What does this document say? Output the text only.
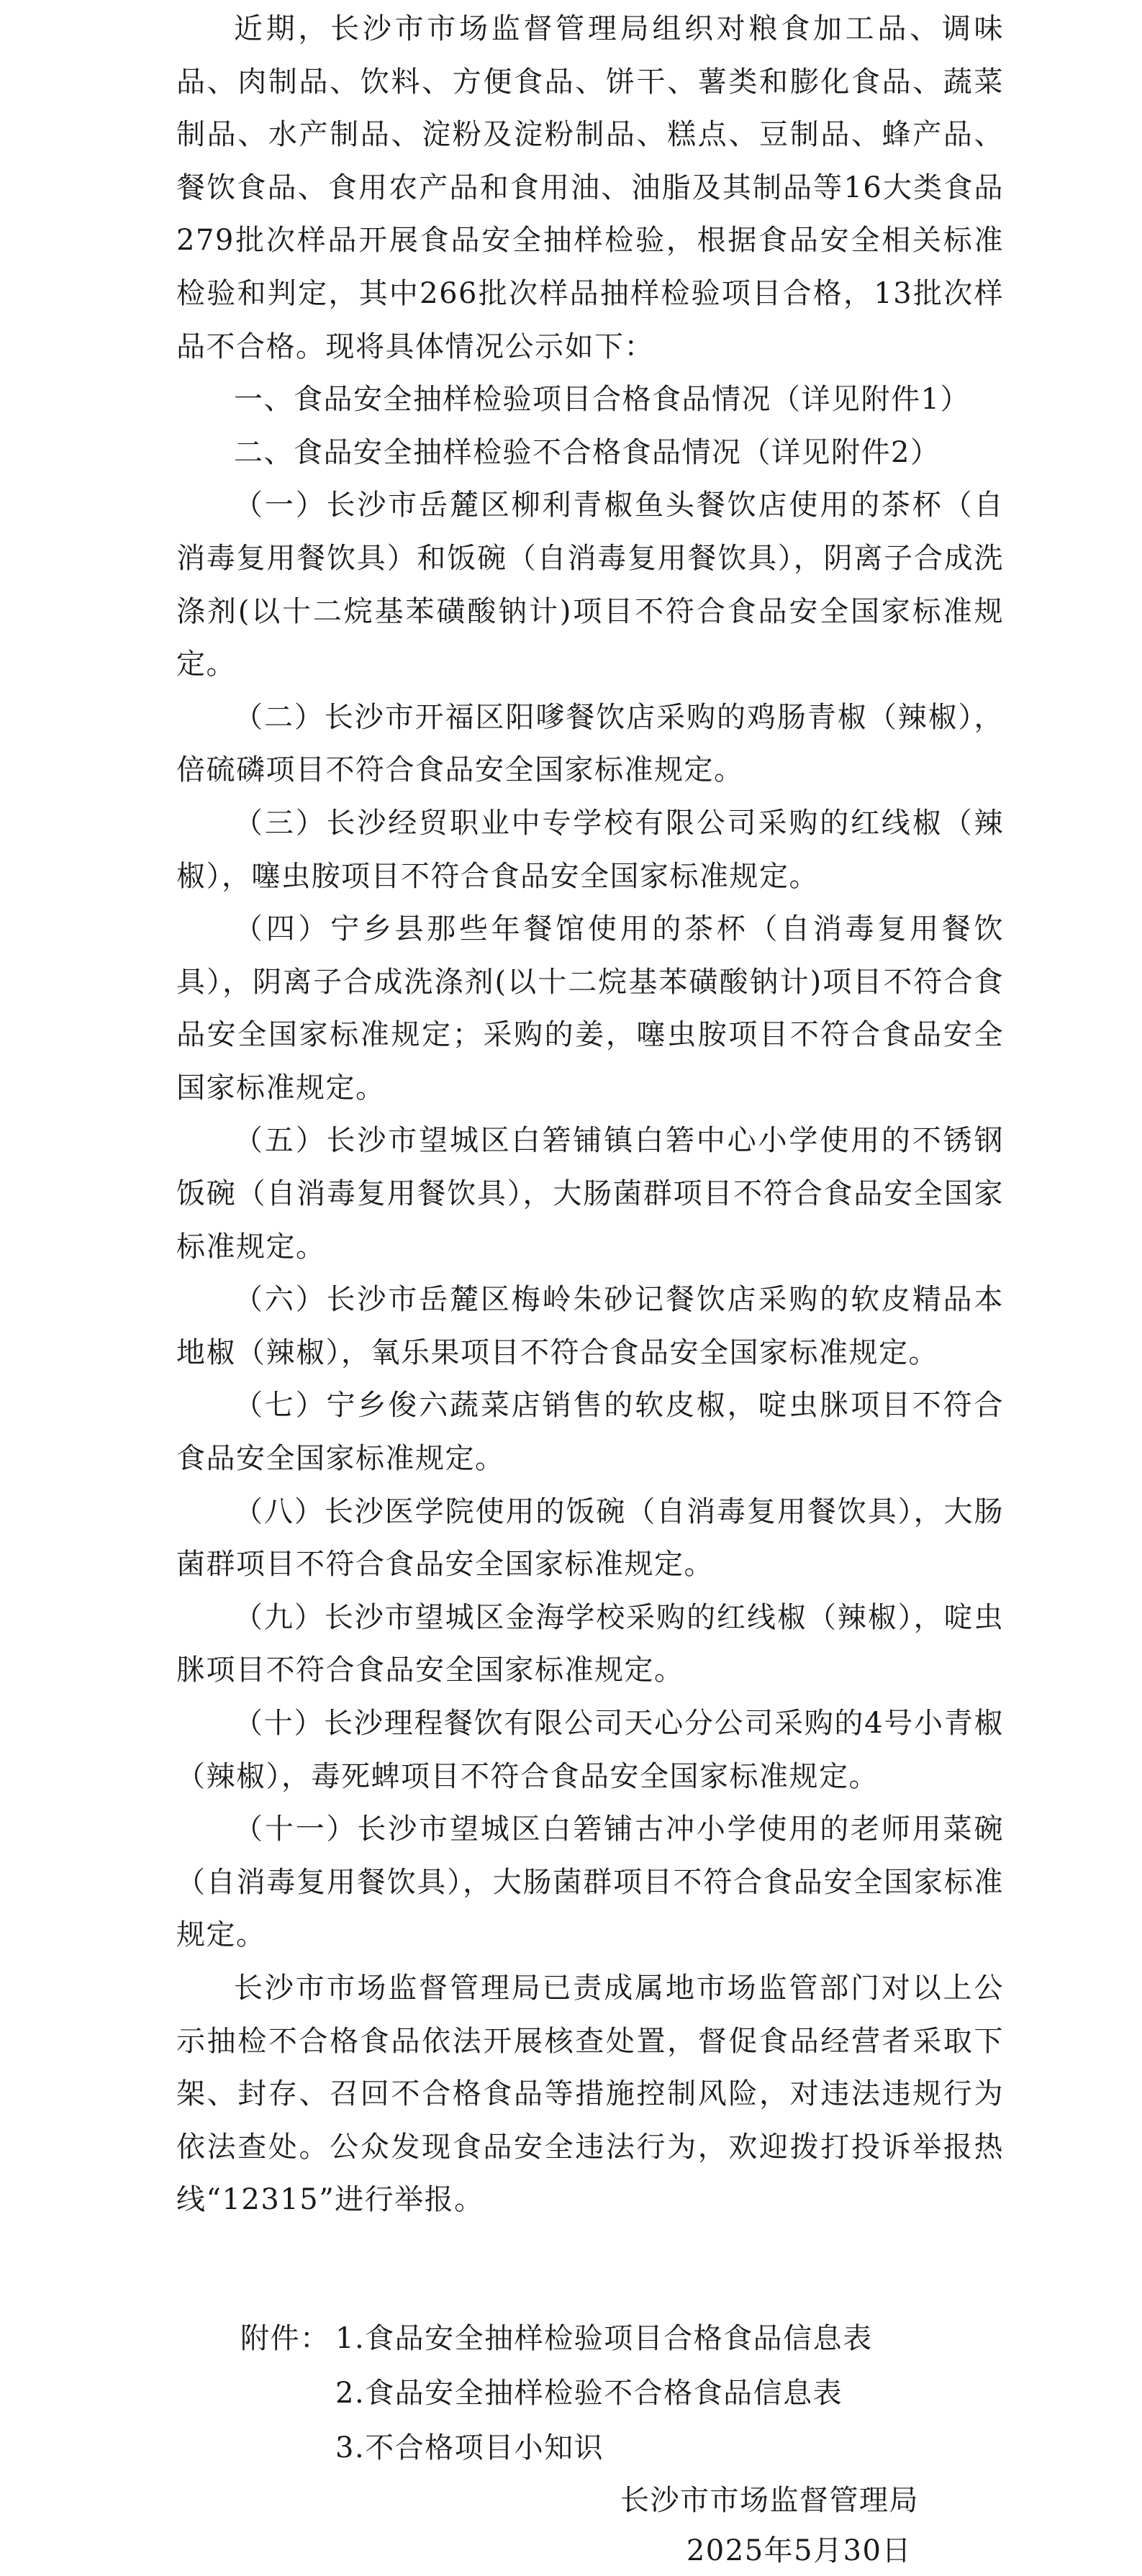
近期，长沙市市场监督管理局组织对粮食加工品、调味品、肉制品、饮料、方便食品、饼干、薯类和膨化食品、蔬菜制品、水产制品、淀粉及淀粉制品、糕点、豆制品、蜂产品、餐饮食品、食用农产品和食用油、油脂及其制品等16大类食品279批次样品开展食品安全抽样检验，根据食品安全相关标准检验和判定，其中266批次样品抽样检验项目合格，13批次样品不合格。现将具体情况公示如下：

一、食品安全抽样检验项目合格食品情况（详见附件1）

二、食品安全抽样检验不合格食品情况（详见附件2）

（一）长沙市岳麓区柳利青椒鱼头餐饮店使用的茶杯（自消毒复用餐饮具）和饭碗（自消毒复用餐饮具），阴离子合成洗涤剂(以十二烷基苯磺酸钠计)项目不符合食品安全国家标准规定。

（二）长沙市开福区阳嗲餐饮店采购的鸡肠青椒（辣椒），倍硫磷项目不符合食品安全国家标准规定。

（三）长沙经贸职业中专学校有限公司采购的红线椒（辣椒），噻虫胺项目不符合食品安全国家标准规定。

（四）宁乡县那些年餐馆使用的茶杯（自消毒复用餐饮具），阴离子合成洗涤剂(以十二烷基苯磺酸钠计)项目不符合食品安全国家标准规定；采购的姜，噻虫胺项目不符合食品安全国家标准规定。

（五）长沙市望城区白箬铺镇白箬中心小学使用的不锈钢饭碗（自消毒复用餐饮具），大肠菌群项目不符合食品安全国家标准规定。

（六）长沙市岳麓区梅岭朱砂记餐饮店采购的软皮精品本地椒（辣椒），氧乐果项目不符合食品安全国家标准规定。

（七）宁乡俊六蔬菜店销售的软皮椒，啶虫脒项目不符合食品安全国家标准规定。

（八）长沙医学院使用的饭碗（自消毒复用餐饮具），大肠菌群项目不符合食品安全国家标准规定。

（九）长沙市望城区金海学校采购的红线椒（辣椒），啶虫脒项目不符合食品安全国家标准规定。

（十）长沙理程餐饮有限公司天心分公司采购的4号小青椒（辣椒），毒死蜱项目不符合食品安全国家标准规定。

（十一）长沙市望城区白箬铺古冲小学使用的老师用菜碗（自消毒复用餐饮具），大肠菌群项目不符合食品安全国家标准规定。

长沙市市场监督管理局已责成属地市场监管部门对以上公示抽检不合格食品依法开展核查处置，督促食品经营者采取下架、封存、召回不合格食品等措施控制风险，对违法违规行为依法查处。公众发现食品安全违法行为，欢迎拨打投诉举报热线“12315”进行举报。

附件： 1.食品安全抽样检验项目合格食品信息表
2.食品安全抽样检验不合格食品信息表
3.不合格项目小知识
长沙市市场监督管理局
2025年5月30日
